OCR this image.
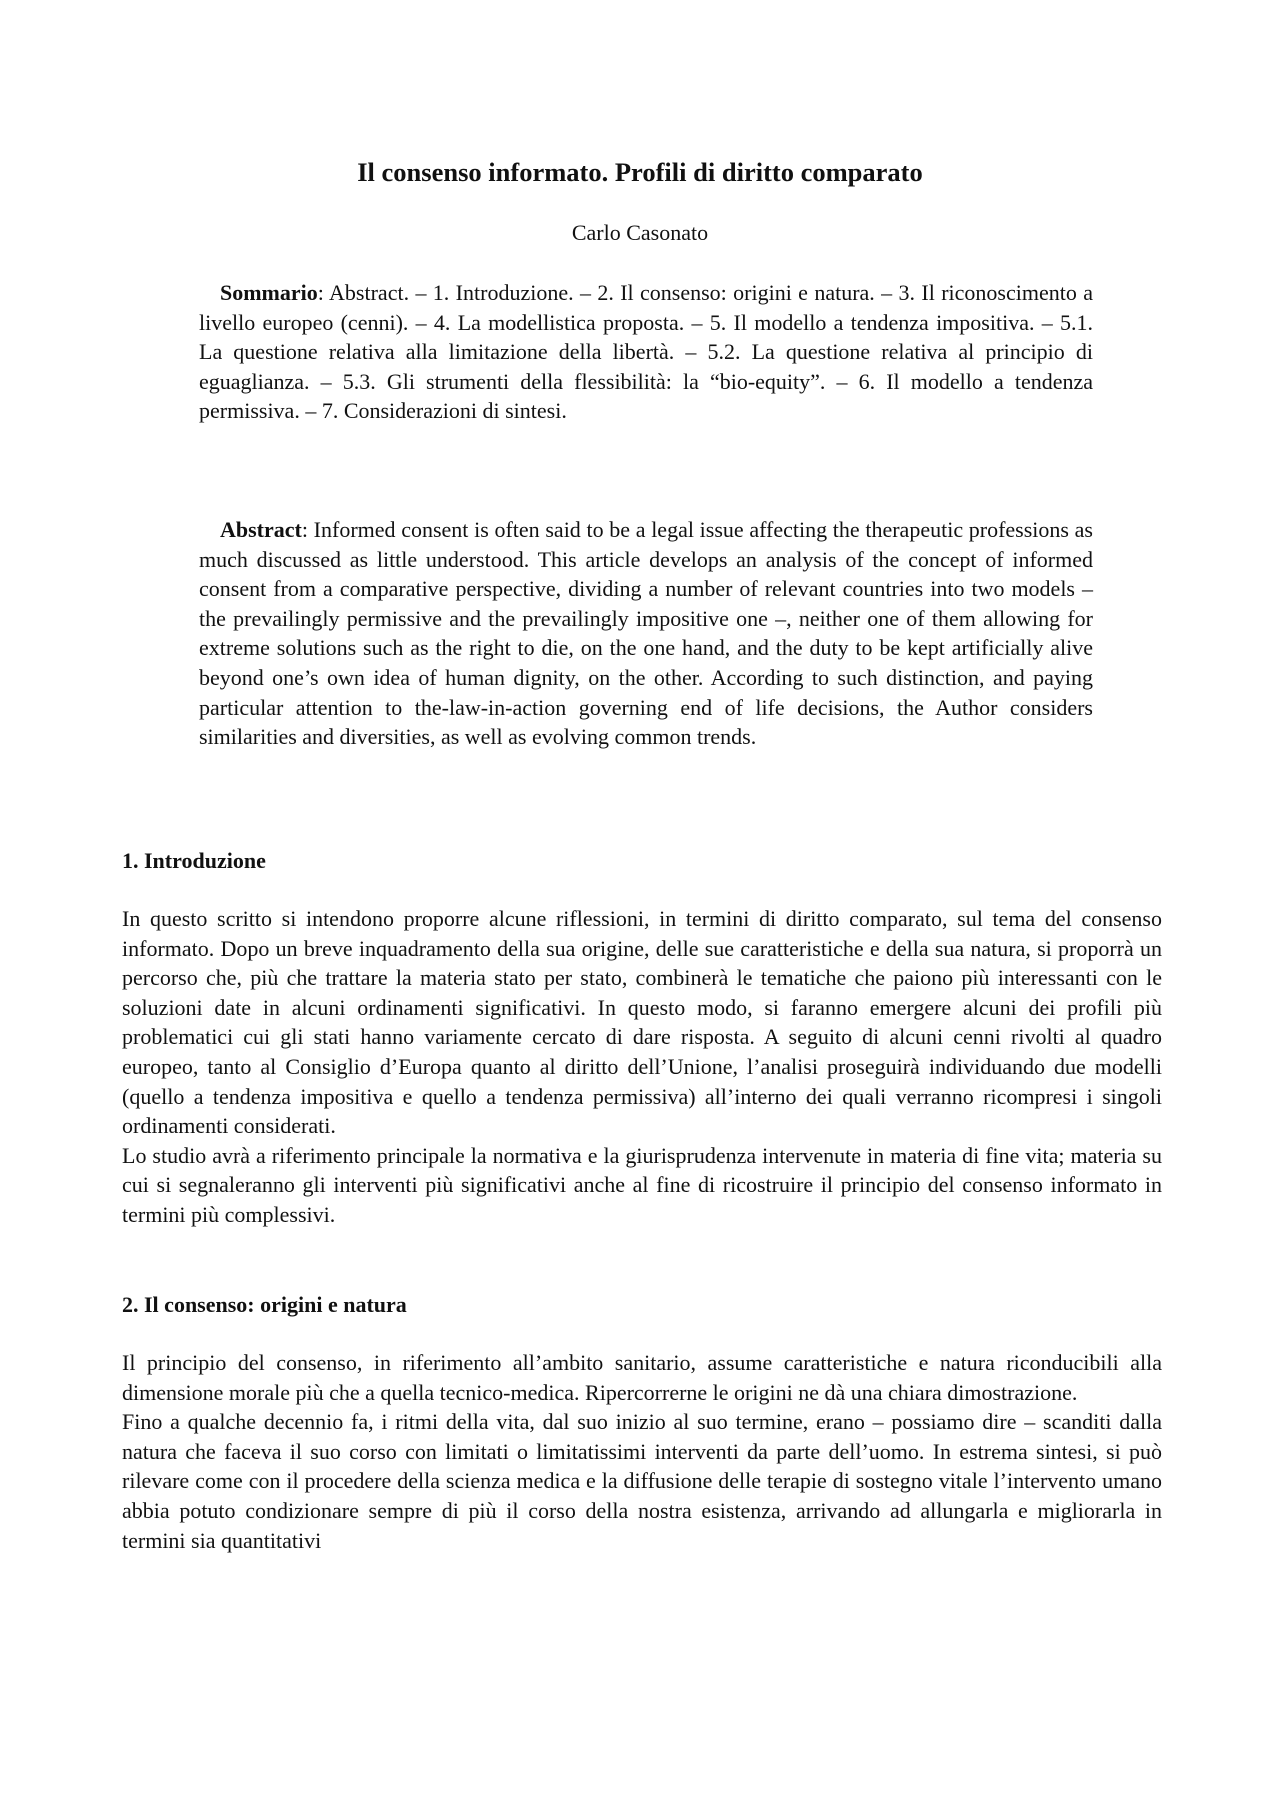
Il consenso informato. Profili di diritto comparato
Carlo Casonato

Sommario: Abstract. – 1. Introduzione. – 2. Il consenso: origini e natura. – 3. Il riconoscimento a livello europeo (cenni). – 4. La modellistica proposta. – 5. Il modello a tendenza impositiva. – 5.1. La questione relativa alla limitazione della libertà. – 5.2. La questione relativa al principio di eguaglianza. – 5.3. Gli strumenti della flessibilità: la “bio-equity”. – 6. Il modello a tendenza permissiva. – 7. Considerazioni di sintesi.

Abstract: Informed consent is often said to be a legal issue affecting the therapeutic professions as much discussed as little understood. This article develops an analysis of the concept of informed consent from a comparative perspective, dividing a number of relevant countries into two models – the prevailingly permissive and the prevailingly impositive one –, neither one of them allowing for extreme solutions such as the right to die, on the one hand, and the duty to be kept artificially alive beyond one’s own idea of human dignity, on the other. According to such distinction, and paying particular attention to the-law-in-action governing end of life decisions, the Author considers similarities and diversities, as well as evolving common trends.

1. Introduzione

In questo scritto si intendono proporre alcune riflessioni, in termini di diritto comparato, sul tema del consenso informato. Dopo un breve inquadramento della sua origine, delle sue caratteristiche e della sua natura, si proporrà un percorso che, più che trattare la materia stato per stato, combinerà le tematiche che paiono più interessanti con le soluzioni date in alcuni ordinamenti significativi. In questo modo, si faranno emergere alcuni dei profili più problematici cui gli stati hanno variamente cercato di dare risposta. A seguito di alcuni cenni rivolti al quadro europeo, tanto al Consiglio d’Europa quanto al diritto dell’Unione, l’analisi proseguirà individuando due modelli (quello a tendenza impositiva e quello a tendenza permissiva) all’interno dei quali verranno ricompresi i singoli ordinamenti considerati.

Lo studio avrà a riferimento principale la normativa e la giurisprudenza intervenute in materia di fine vita; materia su cui si segnaleranno gli interventi più significativi anche al fine di ricostruire il principio del consenso informato in termini più complessivi.

2. Il consenso: origini e natura

Il principio del consenso, in riferimento all’ambito sanitario, assume caratteristiche e natura riconducibili alla dimensione morale più che a quella tecnico-medica. Ripercorrerne le origini ne dà una chiara dimostrazione.

Fino a qualche decennio fa, i ritmi della vita, dal suo inizio al suo termine, erano – possiamo dire – scanditi dalla natura che faceva il suo corso con limitati o limitatissimi interventi da parte dell’uomo. In estrema sintesi, si può rilevare come con il procedere della scienza medica e la diffusione delle terapie di sostegno vitale l’intervento umano abbia potuto condizionare sempre di più il corso della nostra esistenza, arrivando ad allungarla e migliorarla in termini sia quantitativi
